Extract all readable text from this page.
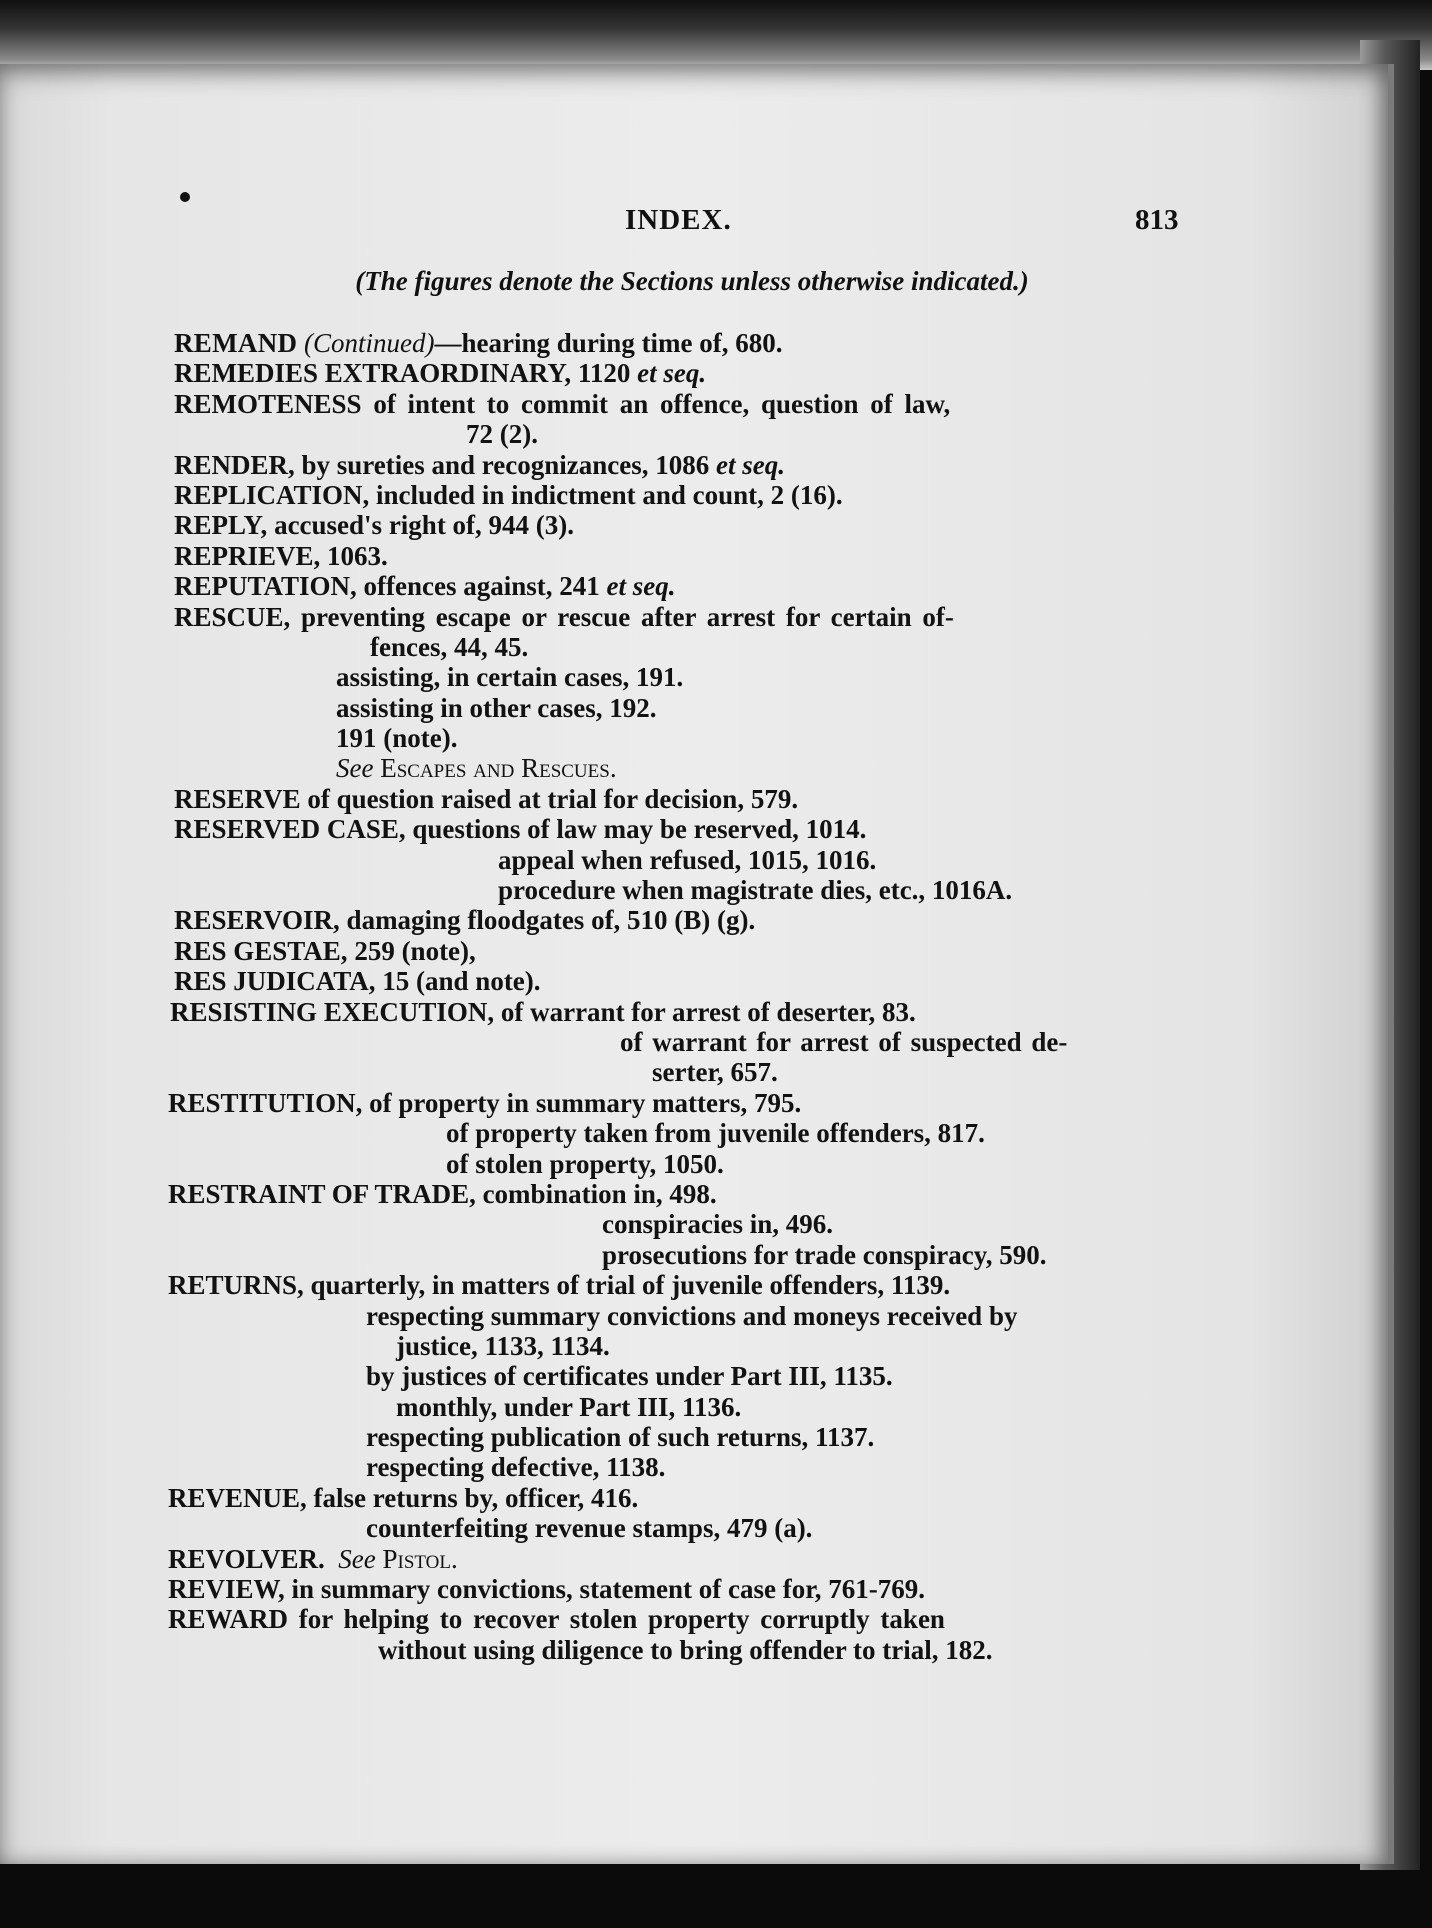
INDEX.	813
(The figures denote the Sections unless otherwise indicated.)
REMAND (Continued)—hearing during time of, 680.
REMEDIES EXTRAORDINARY, 1120 et seq.
REMOTENESS of intent to commit an offence, question of law,
72 (2).
RENDER, by sureties and recognizances, 1086 et seq.
REPLICATION, included in indictment and count, 2 (16).
REPLY, accused's right of, 944 (3).
REPRIEVE, 1063.
REPUTATION, offences against, 241 et seq.
RESCUE, preventing escape or rescue after arrest for certain of-
fences, 44, 45.
assisting, in certain cases, 191.
assisting in other cases, 192.
191 (note).
See Escapes and Rescues.
RESERVE of question raised at trial for decision, 579.
RESERVED CASE, questions of law may be reserved, 1014.
appeal when refused, 1015, 1016.
procedure when magistrate dies, etc., 1016A.
RESERVOIR, damaging floodgates of, 510 (B) (g).
RES GESTAE, 259 (note),
RES JUDICATA, 15 (and note).
RESISTING EXECUTION, of warrant for arrest of deserter, 83.
of warrant for arrest of suspected de-
serter, 657.
RESTITUTION, of property in summary matters, 795.
of property taken from juvenile offenders, 817.
of stolen property, 1050.
RESTRAINT OF TRADE, combination in, 498.
conspiracies in, 496.
prosecutions for trade conspiracy, 590.
RETURNS, quarterly, in matters of trial of juvenile offenders, 1139.
respecting summary convictions and moneys received by
justice, 1133, 1134.
by justices of certificates under Part III, 1135.
monthly, under Part III, 1136.
respecting publication of such returns, 1137.
respecting defective, 1138.
REVENUE, false returns by, officer, 416.
counterfeiting revenue stamps, 479 (a).
REVOLVER. See Pistol.
REVIEW, in summary convictions, statement of case for, 761-769.
REWARD for helping to recover stolen property corruptly taken
without using diligence to bring offender to trial, 182.
